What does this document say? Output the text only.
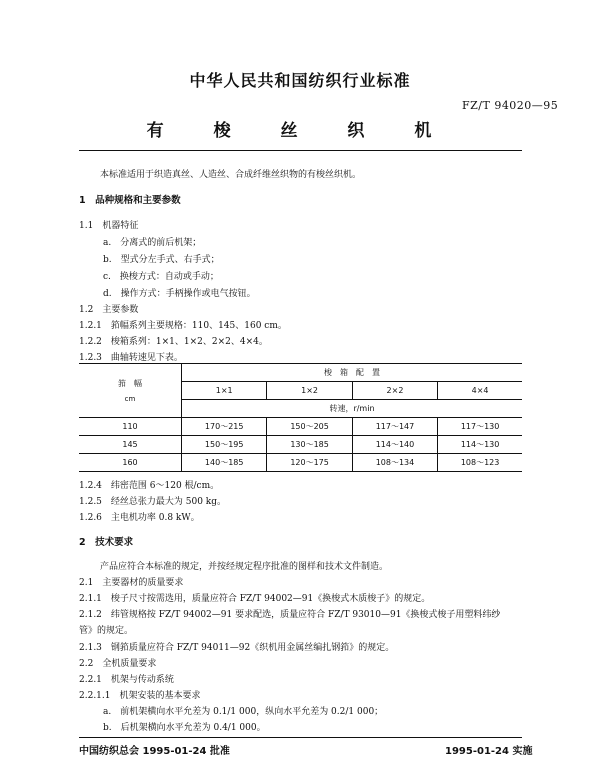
中华人民共和国纺织行业标准
FZ/T 94020—95
有 梭 丝 织 机
本标准适用于织造真丝、人造丝、合成纤维丝织物的有梭丝织机。
1　品种规格和主要参数
1.1　机器特征
a.　分离式的前后机架；
b.　型式分左手式、右手式；
c.　换梭方式：自动或手动；
d.　操作方式：手柄操作或电气按钮。
1.2　主要参数
1.2.1　筘幅系列主要规格：110、145、160 cm。
1.2.2　梭箱系列：1×1、1×2、2×2、4×4。
1.2.3　曲轴转速见下表。
筘　幅
cm	梭　箱　配　置			
	1×1	1×2	2×2	4×4
	转速，r/min			
110	170～215	150～205	117～147	117～130
145	150～195	130～185	114～140	114～130
160	140～185	120～175	108～134	108～123
1.2.4　纬密范围 6～120 根/cm。
1.2.5　经丝总张力最大为 500 kg。
1.2.6　主电机功率 0.8 kW。
2　技术要求
产品应符合本标准的规定，并按经规定程序批准的图样和技术文件制造。
2.1　主要器材的质量要求
2.1.1　梭子尺寸按需选用，质量应符合 FZ/T 94002—91《换梭式木质梭子》的规定。
2.1.2　纬管规格按 FZ/T 94002—91 要求配选，质量应符合 FZ/T 93010—91《换梭式梭子用塑料纬纱
管》的规定。
2.1.3　钢筘质量应符合 FZ/T 94011—92《织机用金属丝编扎钢筘》的规定。
2.2　全机质量要求
2.2.1　机架与传动系统
2.2.1.1　机架安装的基本要求
a.　前机架横向水平允差为 0.1/1 000，纵向水平允差为 0.2/1 000；
b.　后机架横向水平允差为 0.4/1 000。
中国纺织总会 1995-01-24 批准	1995-01-24 实施
